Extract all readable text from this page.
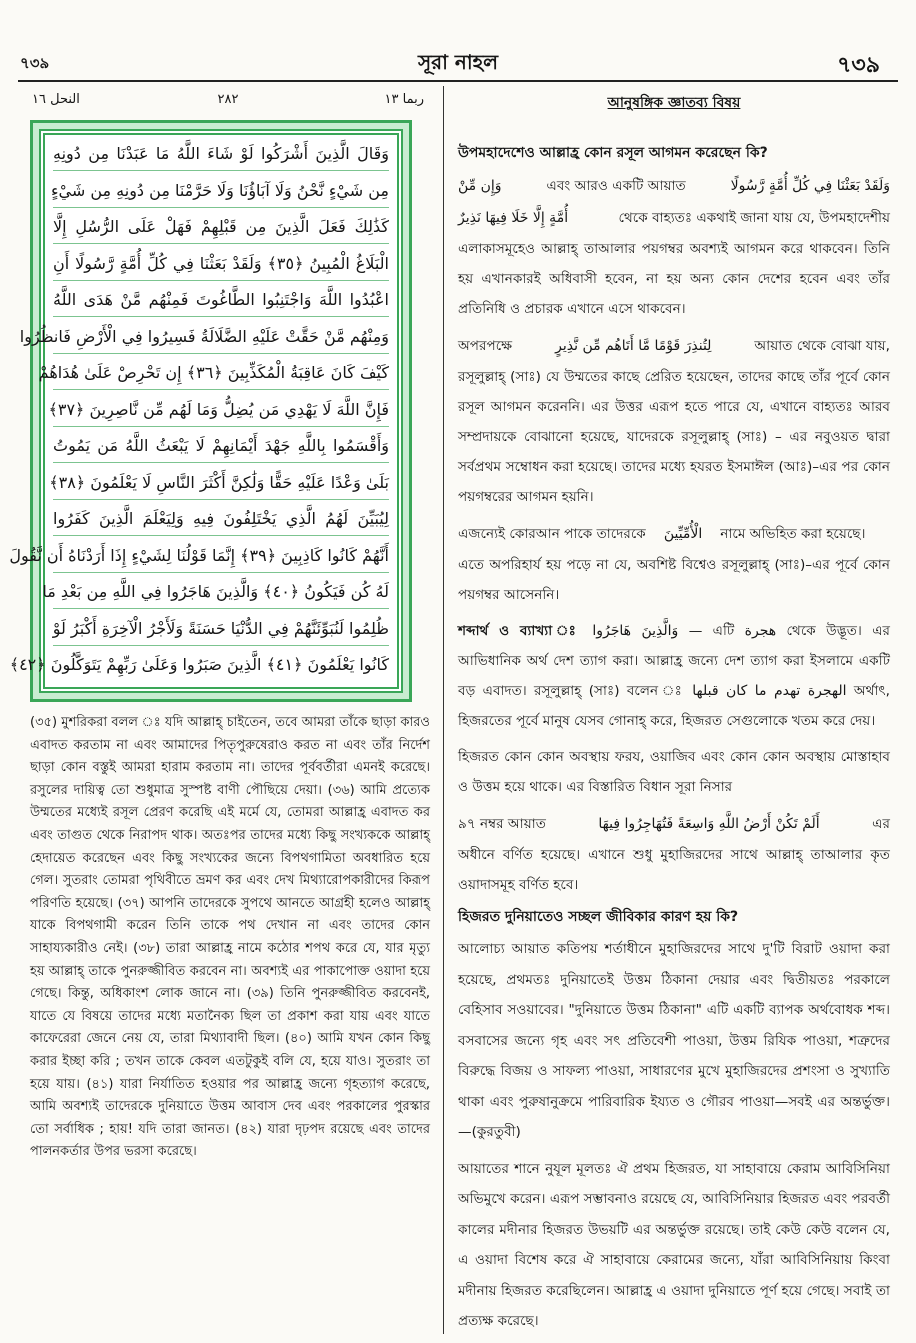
৭৩৯	সূরা নাহল	৭৩৯
النحل ١٦	٢٨٢	ربما ١٣
وَقَالَ الَّذِينَ أَشْرَكُوا لَوْ شَاءَ اللَّهُ مَا عَبَدْنَا مِن دُونِهِ
مِن شَيْءٍ نَّحْنُ وَلَا آبَاؤُنَا وَلَا حَرَّمْنَا مِن دُونِهِ مِن شَيْءٍ
كَذَٰلِكَ فَعَلَ الَّذِينَ مِن قَبْلِهِمْ فَهَلْ عَلَى الرُّسُلِ إِلَّا
الْبَلَاغُ الْمُبِينُ ﴿٣٥﴾ وَلَقَدْ بَعَثْنَا فِي كُلِّ أُمَّةٍ رَّسُولًا أَنِ
اعْبُدُوا اللَّهَ وَاجْتَنِبُوا الطَّاغُوتَ فَمِنْهُم مَّنْ هَدَى اللَّهُ
وَمِنْهُم مَّنْ حَقَّتْ عَلَيْهِ الضَّلَالَةُ فَسِيرُوا فِي الْأَرْضِ فَانظُرُوا
كَيْفَ كَانَ عَاقِبَةُ الْمُكَذِّبِينَ ﴿٣٦﴾ إِن تَحْرِصْ عَلَىٰ هُدَاهُمْ
فَإِنَّ اللَّهَ لَا يَهْدِي مَن يُضِلُّ وَمَا لَهُم مِّن نَّاصِرِينَ ﴿٣٧﴾
وَأَقْسَمُوا بِاللَّهِ جَهْدَ أَيْمَانِهِمْ لَا يَبْعَثُ اللَّهُ مَن يَمُوتُ
بَلَىٰ وَعْدًا عَلَيْهِ حَقًّا وَلَٰكِنَّ أَكْثَرَ النَّاسِ لَا يَعْلَمُونَ ﴿٣٨﴾
لِيُبَيِّنَ لَهُمُ الَّذِي يَخْتَلِفُونَ فِيهِ وَلِيَعْلَمَ الَّذِينَ كَفَرُوا
أَنَّهُمْ كَانُوا كَاذِبِينَ ﴿٣٩﴾ إِنَّمَا قَوْلُنَا لِشَيْءٍ إِذَا أَرَدْنَاهُ أَن نَّقُولَ
لَهُ كُن فَيَكُونُ ﴿٤٠﴾ وَالَّذِينَ هَاجَرُوا فِي اللَّهِ مِن بَعْدِ مَا
ظُلِمُوا لَنُبَوِّئَنَّهُمْ فِي الدُّنْيَا حَسَنَةً وَلَأَجْرُ الْآخِرَةِ أَكْبَرُ لَوْ
كَانُوا يَعْلَمُونَ ﴿٤١﴾ الَّذِينَ صَبَرُوا وَعَلَىٰ رَبِّهِمْ يَتَوَكَّلُونَ ﴿٤٢﴾
(৩৫) মুশরিকরা বলল ঃ যদি আল্লাহ্ চাইতেন, তবে আমরা তাঁকে ছাড়া কারও এবাদত করতাম না এবং আমাদের পিতৃপুরুষেরাও করত না এবং তাঁর নির্দেশ ছাড়া কোন বস্তুই আমরা হারাম করতাম না। তাদের পূর্ববর্তীরা এমনই করেছে। রসুলের দায়িত্ব তো শুধুমাত্র সুস্পষ্ট বাণী পৌছিয়ে দেয়া। (৩৬) আমি প্রত্যেক উম্মতের মধ্যেই রসূল প্রেরণ করেছি এই মর্মে যে, তোমরা আল্লাহ্র এবাদত কর এবং তাগুত থেকে নিরাপদ থাক। অতঃপর তাদের মধ্যে কিছু সংখ্যককে আল্লাহ্ হেদায়েত করেছেন এবং কিছু সংখ্যকের জন্যে বিপথগামিতা অবধারিত হয়ে গেল। সুতরাং তোমরা পৃথিবীতে ভ্রমণ কর এবং দেখ মিথ্যারোপকারীদের কিরূপ পরিণতি হয়েছে। (৩৭) আপনি তাদেরকে সুপথে আনতে আগ্রহী হলেও আল্লাহ্ যাকে বিপথগামী করেন তিনি তাকে পথ দেখান না এবং তাদের কোন সাহায্যকারীও নেই। (৩৮) তারা আল্লাহ্র নামে কঠোর শপথ করে যে, যার মৃত্যু হয় আল্লাহ্ তাকে পুনরুজ্জীবিত করবেন না। অবশ্যই এর পাকাপোক্ত ওয়াদা হয়ে গেছে। কিন্তু, অধিকাংশ লোক জানে না। (৩৯) তিনি পুনরুজ্জীবিত করবেনই, যাতে যে বিষয়ে তাদের মধ্যে মতানৈক্য ছিল তা প্রকাশ করা যায় এবং যাতে কাফেরেরা জেনে নেয় যে, তারা মিথ্যাবাদী ছিল। (৪০) আমি যখন কোন কিছু করার ইচ্ছা করি ; তখন তাকে কেবল এতটুকুই বলি যে, হয়ে যাও। সুতরাং তা হয়ে যায়। (৪১) যারা নির্যাতিত হওয়ার পর আল্লাহ্র জন্যে গৃহত্যাগ করেছে, আমি অবশ্যই তাদেরকে দুনিয়াতে উত্তম আবাস দেব এবং পরকালের পুরস্কার তো সর্বাধিক ; হায়! যদি তারা জানত। (৪২) যারা দৃঢ়পদ রয়েছে এবং তাদের পালনকর্তার উপর ভরসা করেছে।
আনুষঙ্গিক জ্ঞাতব্য বিষয়
উপমহাদেশেও আল্লাহ্র কোন রসূল আগমন করেছেন কি?
وَإِن مِّنْ	এবং আরও একটি আয়াত	وَلَقَدْ بَعَثْنَا فِي كُلِّ أُمَّةٍ رَّسُولًا
أُمَّةٍ إِلَّا خَلَا فِيهَا نَذِيرٌ	থেকে বাহ্যতঃ একথাই জানা যায় যে, উপমহাদেশীয়
এলাকাসমূহেও আল্লাহ্ তাআলার পয়গম্বর অবশ্যই আগমন করে থাকবেন। তিনি হয় এখানকারই অধিবাসী হবেন, না হয় অন্য কোন দেশের হবেন এবং তাঁর প্রতিনিধি ও প্রচারক এখানে এসে থাকবেন।
অপরপক্ষে	لِتُنذِرَ قَوْمًا مَّا أَتَاهُم مِّن نَّذِيرٍ	আয়াত থেকে বোঝা যায়,
রসূলুল্লাহ্ (সাঃ) যে উম্মতের কাছে প্রেরিত হয়েছেন, তাদের কাছে তাঁর পূর্বে কোন রসূল আগমন করেননি। এর উত্তর এরূপ হতে পারে যে, এখানে বাহ্যতঃ আরব সম্প্রদায়কে বোঝানো হয়েছে, যাদেরকে রসূলুল্লাহ্ (সাঃ) – এর নবুওয়ত দ্বারা সর্বপ্রথম সম্বোধন করা হয়েছে। তাদের মধ্যে হযরত ইসমাঈল (আঃ)–এর পর কোন পয়গম্বরের আগমন হয়নি।
এজন্যেই কোরআন পাকে তাদেরকে الْأُمِّيِّينَ নামে অভিহিত করা হয়েছে।
এতে অপরিহার্য হয় পড়ে না যে, অবশিষ্ট বিশ্বেও রসূলুল্লাহ্ (সাঃ)–এর পূর্বে কোন পয়গম্বর আসেননি।
শব্দার্থ ও ব্যাখ্যা ঃ وَالَّذِينَ هَاجَرُوا — এটি هجرة থেকে উদ্ভূত। এর আভিধানিক অর্থ দেশ ত্যাগ করা। আল্লাহ্র জন্যে দেশ ত্যাগ করা ইসলামে একটি বড় এবাদত। রসূলুল্লাহ্ (সাঃ) বলেন ঃ الهجرة تهدم ما كان قبلها অর্থাৎ, হিজরতের পূর্বে মানুষ যেসব গোনাহ্ করে, হিজরত সেগুলোকে খতম করে দেয়।
হিজরত কোন কোন অবস্থায় ফরয, ওয়াজিব এবং কোন কোন অবস্থায় মোস্তাহাব ও উত্তম হয়ে থাকে। এর বিস্তারিত বিধান সূরা নিসার
৯৭ নম্বর আয়াত	أَلَمْ تَكُنْ أَرْضُ اللَّهِ وَاسِعَةً فَتُهَاجِرُوا فِيهَا	এর
অধীনে বর্ণিত হয়েছে। এখানে শুধু মুহাজিরদের সাথে আল্লাহ্ তাআলার কৃত ওয়াদাসমূহ বর্ণিত হবে।
হিজরত দুনিয়াতেও সচ্ছল জীবিকার কারণ হয় কি?
আলোচ্য আয়াত কতিপয় শর্তাধীনে মুহাজিরদের সাথে দু'টি বিরাট ওয়াদা করা হয়েছে, প্রথমতঃ দুনিয়াতেই উত্তম ঠিকানা দেয়ার এবং দ্বিতীয়তঃ পরকালে বেহিসাব সওয়াবের। "দুনিয়াতে উত্তম ঠিকানা" এটি একটি ব্যাপক অর্থবোধক শব্দ। বসবাসের জন্যে গৃহ এবং সৎ প্রতিবেশী পাওয়া, উত্তম রিযিক পাওয়া, শত্রুদের বিরুদ্ধে বিজয় ও সাফল্য পাওয়া, সাধারণের মুখে মুহাজিরদের প্রশংসা ও সুখ্যাতি থাকা এবং পুরুষানুক্রমে পারিবারিক ইয্যত ও গৌরব পাওয়া—সবই এর অন্তর্ভুক্ত।—(কুরতুবী)
আয়াতের শানে নুযূল মূলতঃ ঐ প্রথম হিজরত, যা সাহাবায়ে কেরাম আবিসিনিয়া অভিমুখে করেন। এরূপ সম্ভাবনাও রয়েছে যে, আবিসিনিয়ার হিজরত এবং পরবর্তী কালের মদীনার হিজরত উভয়টি এর অন্তর্ভুক্ত রয়েছে। তাই কেউ কেউ বলেন যে, এ ওয়াদা বিশেষ করে ঐ সাহাবায়ে কেরামের জন্যে, যাঁরা আবিসিনিয়ায় কিংবা মদীনায় হিজরত করেছিলেন। আল্লাহ্র এ ওয়াদা দুনিয়াতে পূর্ণ হয়ে গেছে। সবাই তা প্রত্যক্ষ করেছে।
